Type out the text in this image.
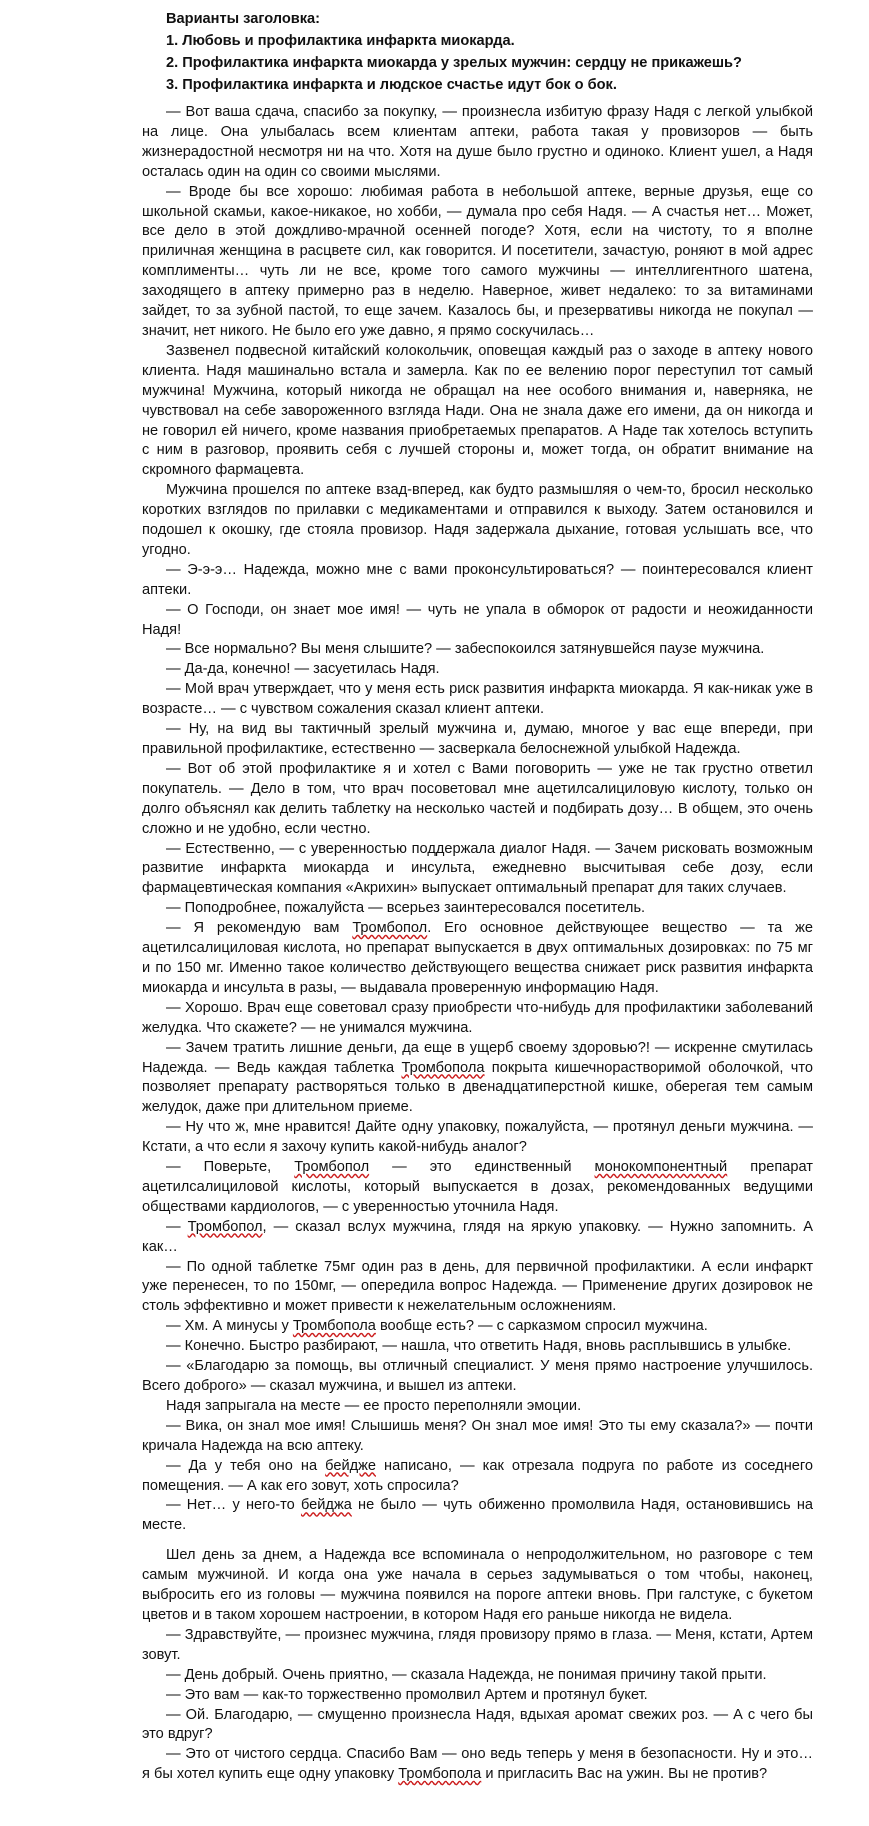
Варианты заголовка:
1. Любовь и профилактика инфаркта миокарда.
2. Профилактика инфаркта миокарда у зрелых мужчин: сердцу не прикажешь?
3. Профилактика инфаркта и людское счастье идут бок о бок.

— Вот ваша сдача, спасибо за покупку, — произнесла избитую фразу Надя с легкой улыбкой на лице. Она улыбалась всем клиентам аптеки, работа такая у провизоров — быть жизнерадостной несмотря ни на что. Хотя на душе было грустно и одиноко. Клиент ушел, а Надя осталась один на один со своими мыслями.

— Вроде бы все хорошо: любимая работа в небольшой аптеке, верные друзья, еще со школьной скамьи, какое-никакое, но хобби, — думала про себя Надя. — А счастья нет… Может, все дело в этой дождливо-мрачной осенней погоде? Хотя, если на чистоту, то я вполне приличная женщина в расцвете сил, как говорится. И посетители, зачастую, роняют в мой адрес комплименты… чуть ли не все, кроме того самого мужчины — интеллигентного шатена, заходящего в аптеку примерно раз в неделю. Наверное, живет недалеко: то за витаминами зайдет, то за зубной пастой, то еще зачем. Казалось бы, и презервативы никогда не покупал — значит, нет никого. Не было его уже давно, я прямо соскучилась…

Зазвенел подвесной китайский колокольчик, оповещая каждый раз о заходе в аптеку нового клиента. Надя машинально встала и замерла. Как по ее велению порог переступил тот самый мужчина! Мужчина, который никогда не обращал на нее особого внимания и, наверняка, не чувствовал на себе завороженного взгляда Нади. Она не знала даже его имени, да он никогда и не говорил ей ничего, кроме названия приобретаемых препаратов. А Наде так хотелось вступить с ним в разговор, проявить себя с лучшей стороны и, может тогда, он обратит внимание на скромного фармацевта.

Мужчина прошелся по аптеке взад-вперед, как будто размышляя о чем-то, бросил несколько коротких взглядов по прилавки с медикаментами и отправился к выходу. Затем остановился и подошел к окошку, где стояла провизор. Надя задержала дыхание, готовая услышать все, что угодно.

— Э-э-э… Надежда, можно мне с вами проконсультироваться? — поинтересовался клиент аптеки.

— О Господи, он знает мое имя! — чуть не упала в обморок от радости и неожиданности Надя!

— Все нормально? Вы меня слышите? — забеспокоился затянувшейся паузе мужчина.

— Да-да, конечно! — засуетилась Надя.

— Мой врач утверждает, что у меня есть риск развития инфаркта миокарда. Я как-никак уже в возрасте… — с чувством сожаления сказал клиент аптеки.

— Ну, на вид вы тактичный зрелый мужчина и, думаю, многое у вас еще впереди, при правильной профилактике, естественно — засверкала белоснежной улыбкой Надежда.

— Вот об этой профилактике я и хотел с Вами поговорить — уже не так грустно ответил покупатель. — Дело в том, что врач посоветовал мне ацетилсалициловую кислоту, только он долго объяснял как делить таблетку на несколько частей и подбирать дозу… В общем, это очень сложно и не удобно, если честно.

— Естественно, — с уверенностью поддержала диалог Надя. — Зачем рисковать возможным развитие инфаркта миокарда и инсульта, ежедневно высчитывая себе дозу, если фармацевтическая компания «Акрихин» выпускает оптимальный препарат для таких случаев.

— Поподробнее, пожалуйста — всерьез заинтересовался посетитель.

— Я рекомендую вам Тромбопол. Его основное действующее вещество — та же ацетилсалициловая кислота, но препарат выпускается в двух оптимальных дозировках: по 75 мг и по 150 мг. Именно такое количество действующего вещества снижает риск развития инфаркта миокарда и инсульта в разы, — выдавала проверенную информацию Надя.

— Хорошо. Врач еще советовал сразу приобрести что-нибудь для профилактики заболеваний желудка. Что скажете? — не унимался мужчина.

— Зачем тратить лишние деньги, да еще в ущерб своему здоровью?! — искренне смутилась Надежда. — Ведь каждая таблетка Тромбопола покрыта кишечнорастворимой оболочкой, что позволяет препарату растворяться только в двенадцатиперстной кишке, оберегая тем самым желудок, даже при длительном приеме.

— Ну что ж, мне нравится! Дайте одну упаковку, пожалуйста, — протянул деньги мужчина. — Кстати, а что если я захочу купить какой-нибудь аналог?

— Поверьте, Тромбопол — это единственный монокомпонентный препарат ацетилсалициловой кислоты, который выпускается в дозах, рекомендованных ведущими обществами кардиологов, — с уверенностью уточнила Надя.

— Тромбопол, — сказал вслух мужчина, глядя на яркую упаковку. — Нужно запомнить. А как…

— По одной таблетке 75мг один раз в день, для первичной профилактики. А если инфаркт уже перенесен, то по 150мг, — опередила вопрос Надежда. — Применение других дозировок не столь эффективно и может привести к нежелательным осложнениям.

— Хм. А минусы у Тромбопола вообще есть? — с сарказмом спросил мужчина.

— Конечно. Быстро разбирают, — нашла, что ответить Надя, вновь расплывшись в улыбке.

— «Благодарю за помощь, вы отличный специалист. У меня прямо настроение улучшилось. Всего доброго» — сказал мужчина, и вышел из аптеки.

Надя запрыгала на месте — ее просто переполняли эмоции.

— Вика, он знал мое имя! Слышишь меня? Он знал мое имя! Это ты ему сказала?» — почти кричала Надежда на всю аптеку.

— Да у тебя оно на бейдже написано, — как отрезала подруга по работе из соседнего помещения. — А как его зовут, хоть спросила?

— Нет… у него-то бейджа не было — чуть обиженно промолвила Надя, остановившись на месте.

Шел день за днем, а Надежда все вспоминала о непродолжительном, но разговоре с тем самым мужчиной. И когда она уже начала в серьез задумываться о том чтобы, наконец, выбросить его из головы — мужчина появился на пороге аптеки вновь. При галстуке, с букетом цветов и в таком хорошем настроении, в котором Надя его раньше никогда не видела.

— Здравствуйте, — произнес мужчина, глядя провизору прямо в глаза. — Меня, кстати, Артем зовут.

— День добрый. Очень приятно, — сказала Надежда, не понимая причину такой прыти.

— Это вам — как-то торжественно промолвил Артем и протянул букет.

— Ой. Благодарю, — смущенно произнесла Надя, вдыхая аромат свежих роз. — А с чего бы это вдруг?

— Это от чистого сердца. Спасибо Вам — оно ведь теперь у меня в безопасности. Ну и это… я бы хотел купить еще одну упаковку Тромбопола и пригласить Вас на ужин. Вы не против?
